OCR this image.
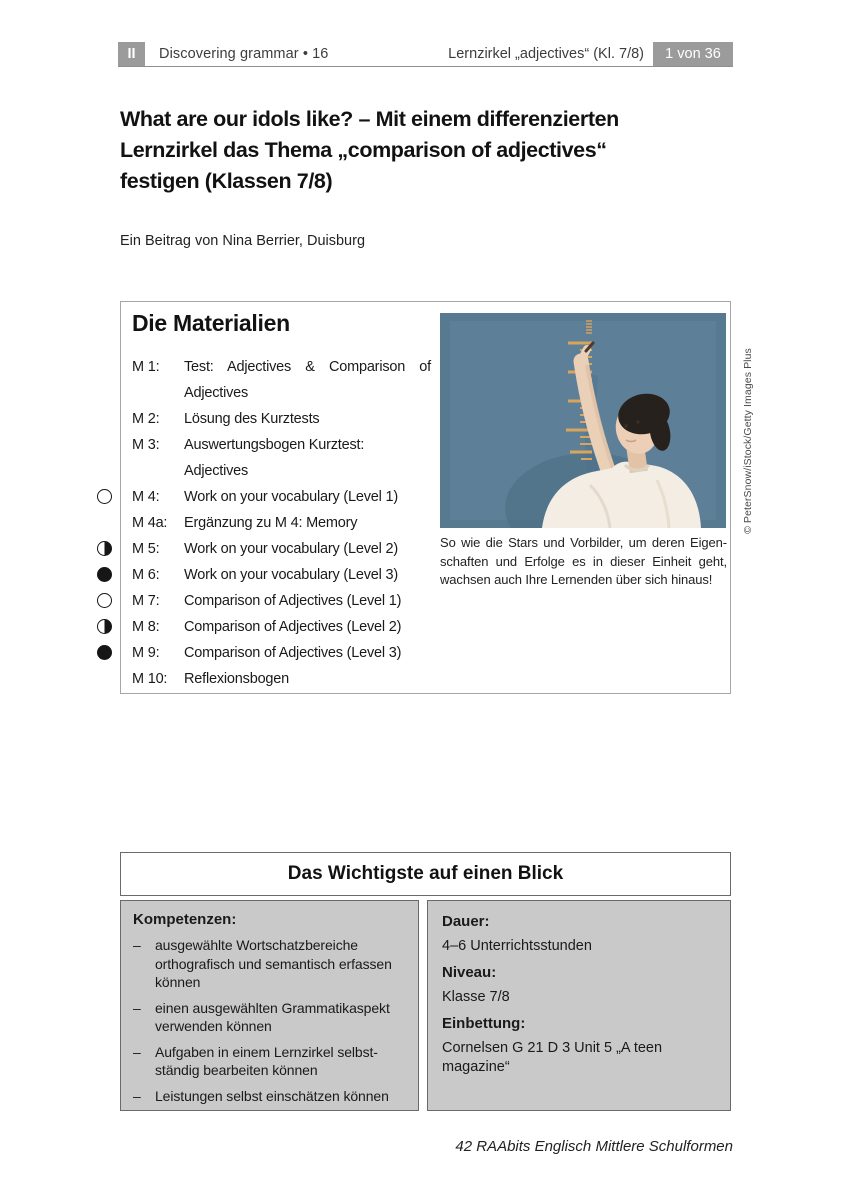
II	Discovering grammar • 16	Lernzirkel „adjectives“ (Kl. 7/8)	1 von 36
What are our idols like? – Mit einem differenzierten
Lernzirkel das Thema „comparison of adjectives“
festigen (Klassen 7/8)
Ein Beitrag von Nina Berrier, Duisburg
Die Materialien
M 1:	Test: Adjectives & Comparison of
Adjectives
M 2:	Lösung des Kurztests
M 3:	Auswertungsbogen Kurztest:
Adjectives
M 4:	Work on your vocabulary (Level 1)
M 4a:	Ergänzung zu M 4: Memory
M 5:	Work on your vocabulary (Level 2)
M 6:	Work on your vocabulary (Level 3)
M 7:	Comparison of Adjectives (Level 1)
M 8:	Comparison of Adjectives (Level 2)
M 9:	Comparison of Adjectives (Level 3)
M 10:	Reflexionsbogen
So wie die Stars und Vorbilder, um deren Eigen-
schaften und Erfolge es in dieser Einheit geht,
wachsen auch Ihre Lernenden über sich hinaus!
© PeterSnow/iStock/Getty Images Plus
Das Wichtigste auf einen Blick
Kompetenzen:
–	ausgewählte Wortschatzbereiche
orthografisch und semantisch erfassen
können
–	einen ausgewählten Grammatikaspekt
verwenden können
–	Aufgaben in einem Lernzirkel selbst-
ständig bearbeiten können
–	Leistungen selbst einschätzen können
Dauer:
4–6 Unterrichtsstunden
Niveau:
Klasse 7/8
Einbettung:
Cornelsen G 21 D 3 Unit 5 „A teen magazine“
42 RAAbits Englisch Mittlere Schulformen
